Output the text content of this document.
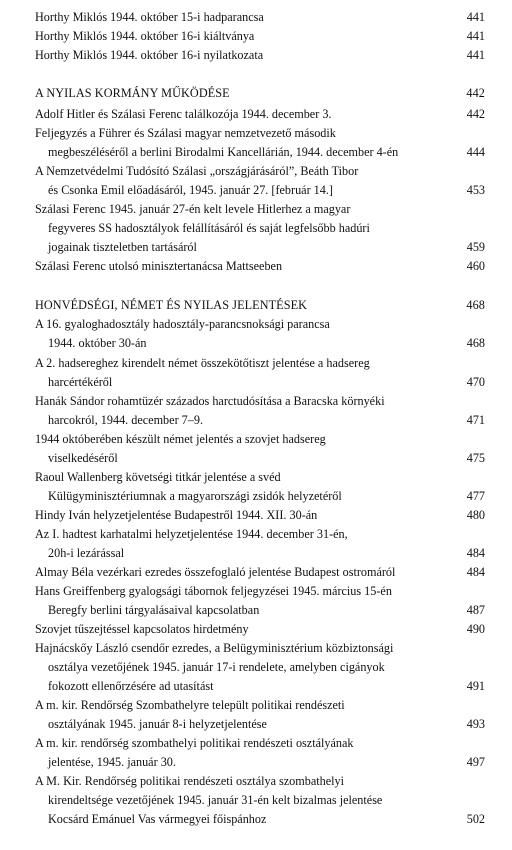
Horthy Miklós 1944. október 15-i hadparancsa	441
Horthy Miklós 1944. október 16-i kiáltványa	441
Horthy Miklós 1944. október 16-i nyilatkozata	441
A NYILAS KORMÁNY MŰKÖDÉSE	442
Adolf Hitler és Szálasi Ferenc találkozója 1944. december 3.	442
Feljegyzés a Führer és Szálasi magyar nemzetvezető második
megbeszéléséről a berlini Birodalmi Kancellárián, 1944. december 4-én	444
A Nemzetvédelmi Tudósító Szálasi „országjárásáról”, Beáth Tibor
és Csonka Emil előadásáról, 1945. január 27. [február 14.]	453
Szálasi Ferenc 1945. január 27-én kelt levele Hitlerhez a magyar
fegyveres SS hadosztályok felállításáról és saját legfelsőbb hadúri
jogainak tiszteletben tartásáról	459
Szálasi Ferenc utolsó minisztertanácsa Mattseeben	460
HONVÉDSÉGI, NÉMET ÉS NYILAS JELENTÉSEK	468
A 16. gyaloghadosztály hadosztály-parancsnoksági parancsa
1944. október 30-án	468
A 2. hadsereghez kirendelt német összekötőtiszt jelentése a hadsereg
harcértékéről	470
Hanák Sándor rohamtüzér százados harctudósítása a Baracska környéki
harcokról, 1944. december 7–9.	471
1944 októberében készült német jelentés a szovjet hadsereg
viselkedéséről	475
Raoul Wallenberg követségi titkár jelentése a svéd
Külügyminisztériumnak a magyarországi zsidók helyzetéről	477
Hindy Iván helyzetjelentése Budapestről 1944. XII. 30-án	480
Az I. hadtest karhatalmi helyzetjelentése 1944. december 31-én,
20h-i lezárással	484
Almay Béla vezérkari ezredes összefoglaló jelentése Budapest ostromáról	484
Hans Greiffenberg gyalogsági tábornok feljegyzései 1945. március 15-én
Beregfy berlini tárgyalásaival kapcsolatban	487
Szovjet tűszejtéssel kapcsolatos hirdetmény	490
Hajnácskőy László csendőr ezredes, a Belügyminisztérium közbiztonsági
osztálya vezetőjének 1945. január 17-i rendelete, amelyben cigányok
fokozott ellenőrzésére ad utasítást	491
A m. kir. Rendőrség Szombathelyre települt politikai rendészeti
osztályának 1945. január 8-i helyzetjelentése	493
A m. kir. rendőrség szombathelyi politikai rendészeti osztályának
jelentése, 1945. január 30.	497
A M. Kir. Rendőrség politikai rendészeti osztálya szombathelyi
kirendeltsége vezetőjének 1945. január 31-én kelt bizalmas jelentése
Kocsárd Emánuel Vas vármegyei főispánhoz	502
